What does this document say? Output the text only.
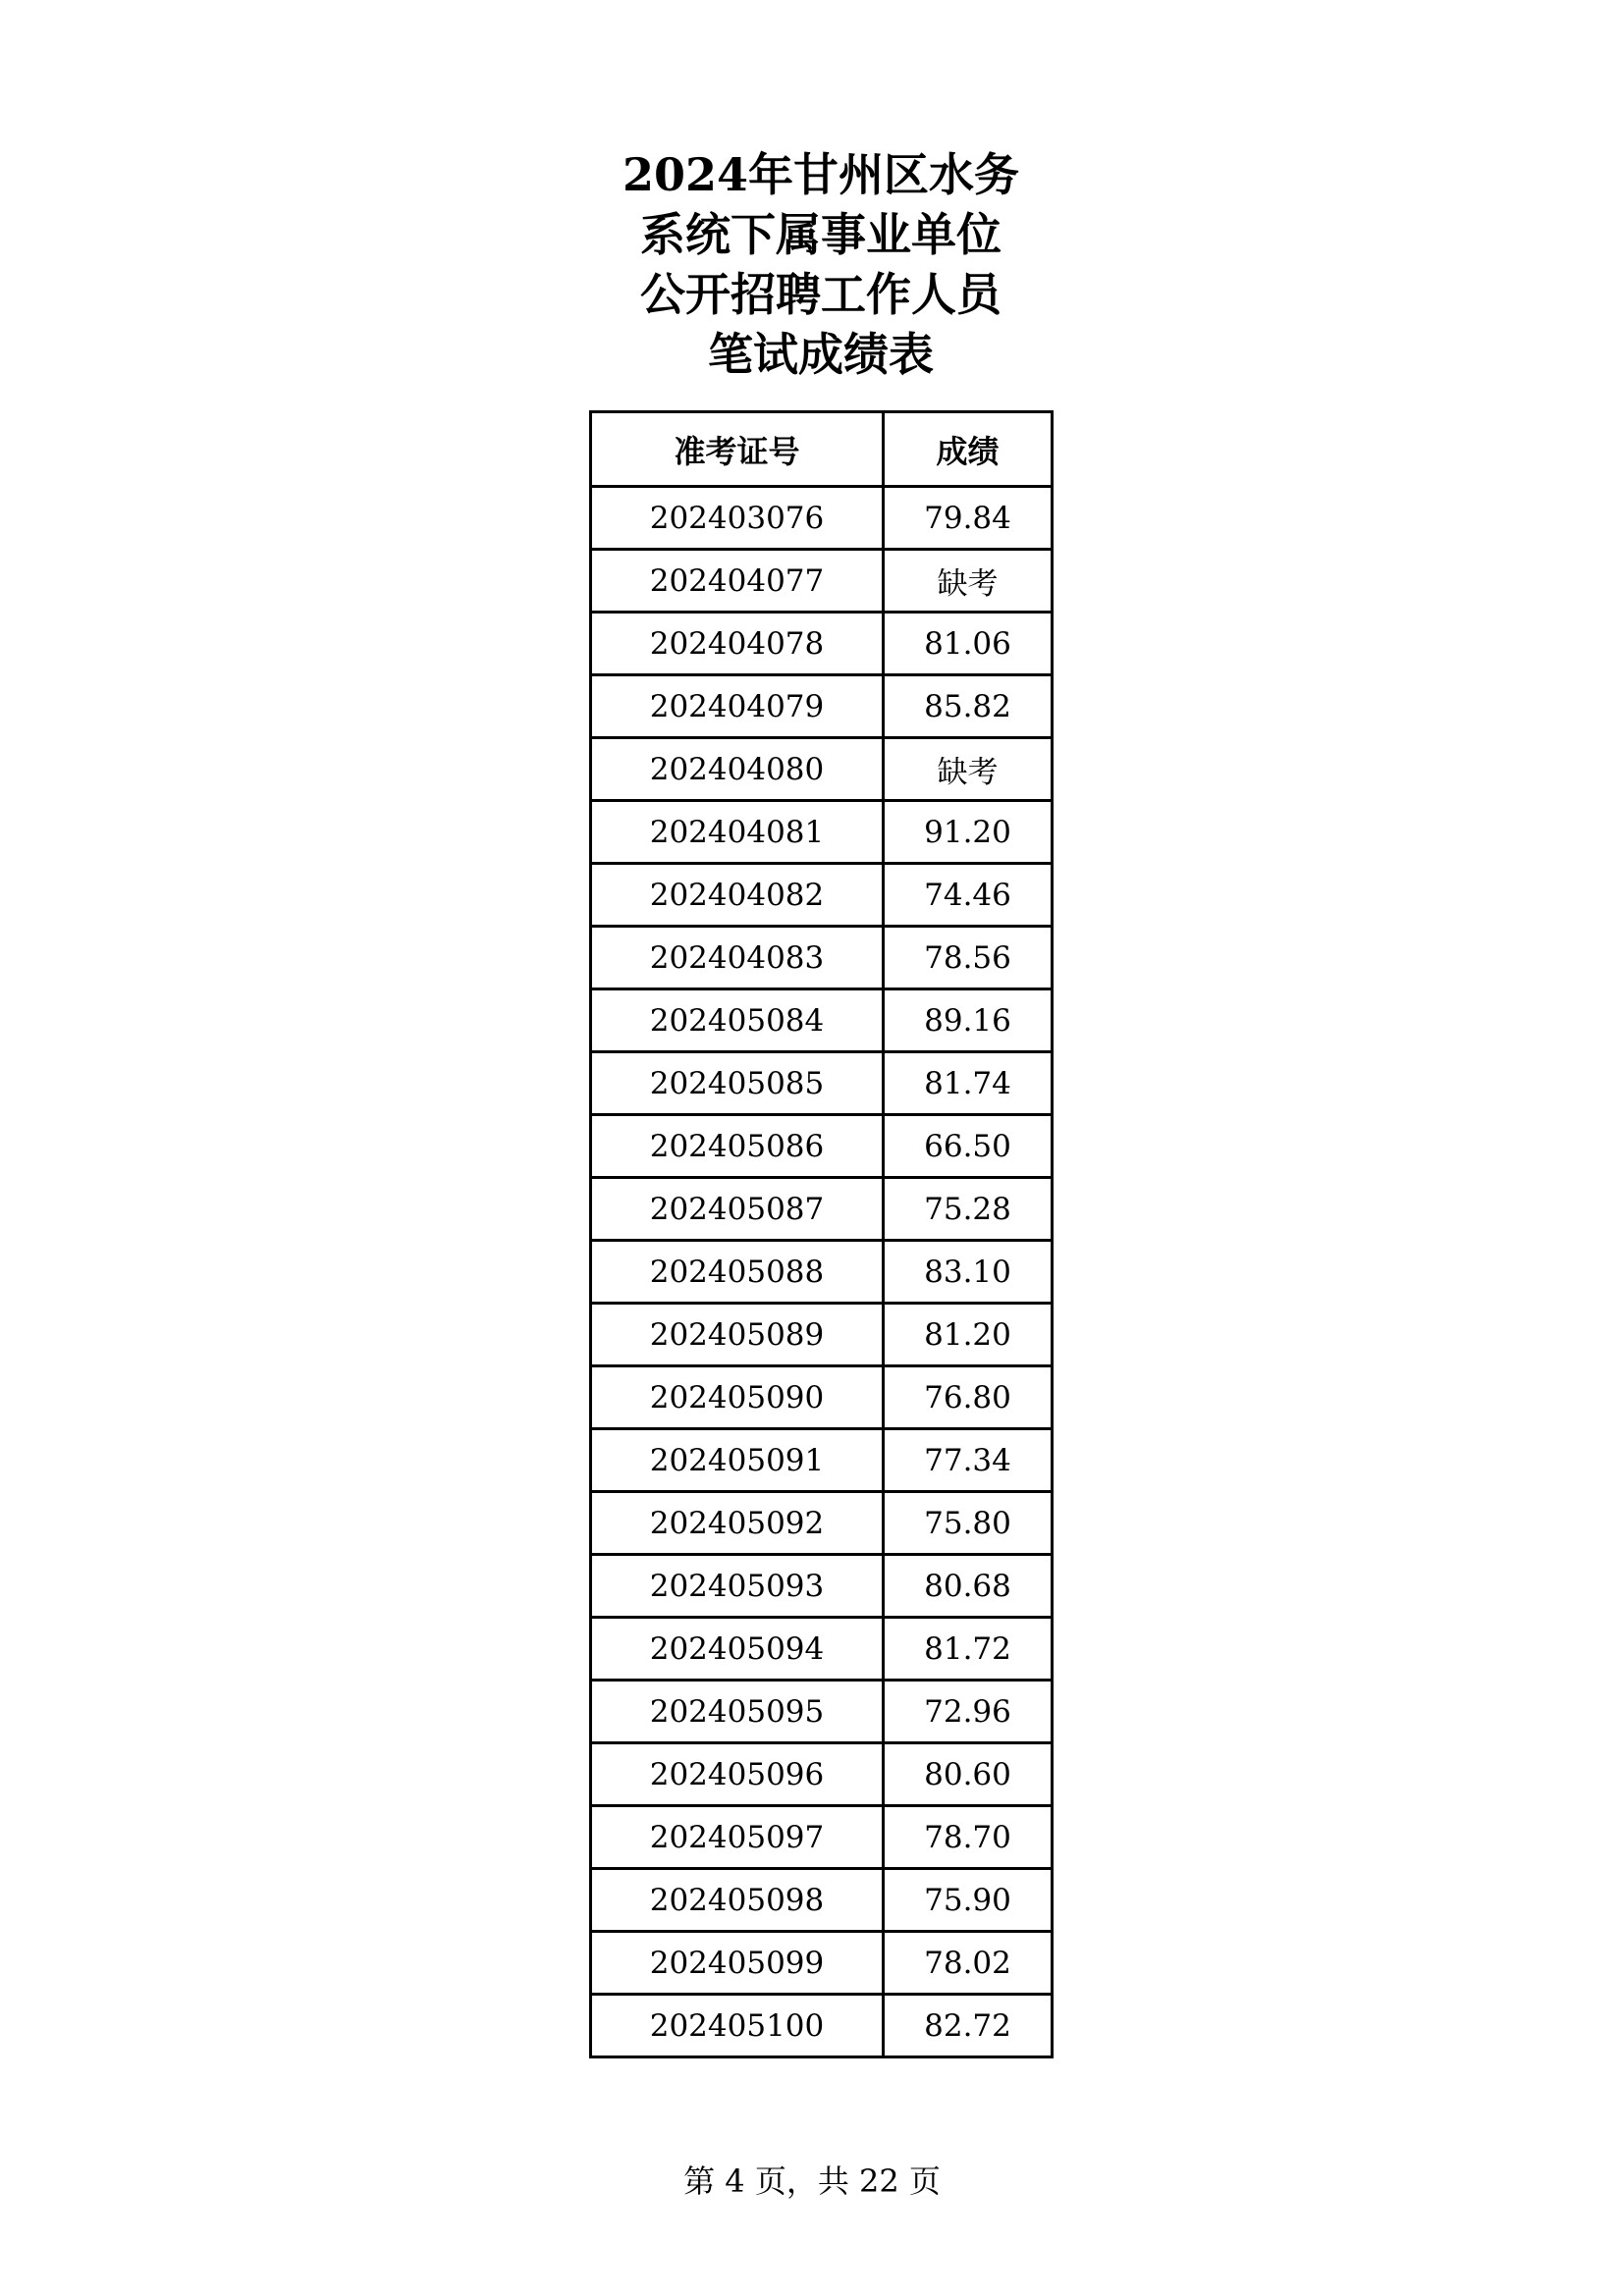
2024年甘州区水务
系统下属事业单位
公开招聘工作人员
笔试成绩表
准考证号	成绩
202403076	79.84
202404077	缺考
202404078	81.06
202404079	85.82
202404080	缺考
202404081	91.20
202404082	74.46
202404083	78.56
202405084	89.16
202405085	81.74
202405086	66.50
202405087	75.28
202405088	83.10
202405089	81.20
202405090	76.80
202405091	77.34
202405092	75.80
202405093	80.68
202405094	81.72
202405095	72.96
202405096	80.60
202405097	78.70
202405098	75.90
202405099	78.02
202405100	82.72
第 4 页，共 22 页
